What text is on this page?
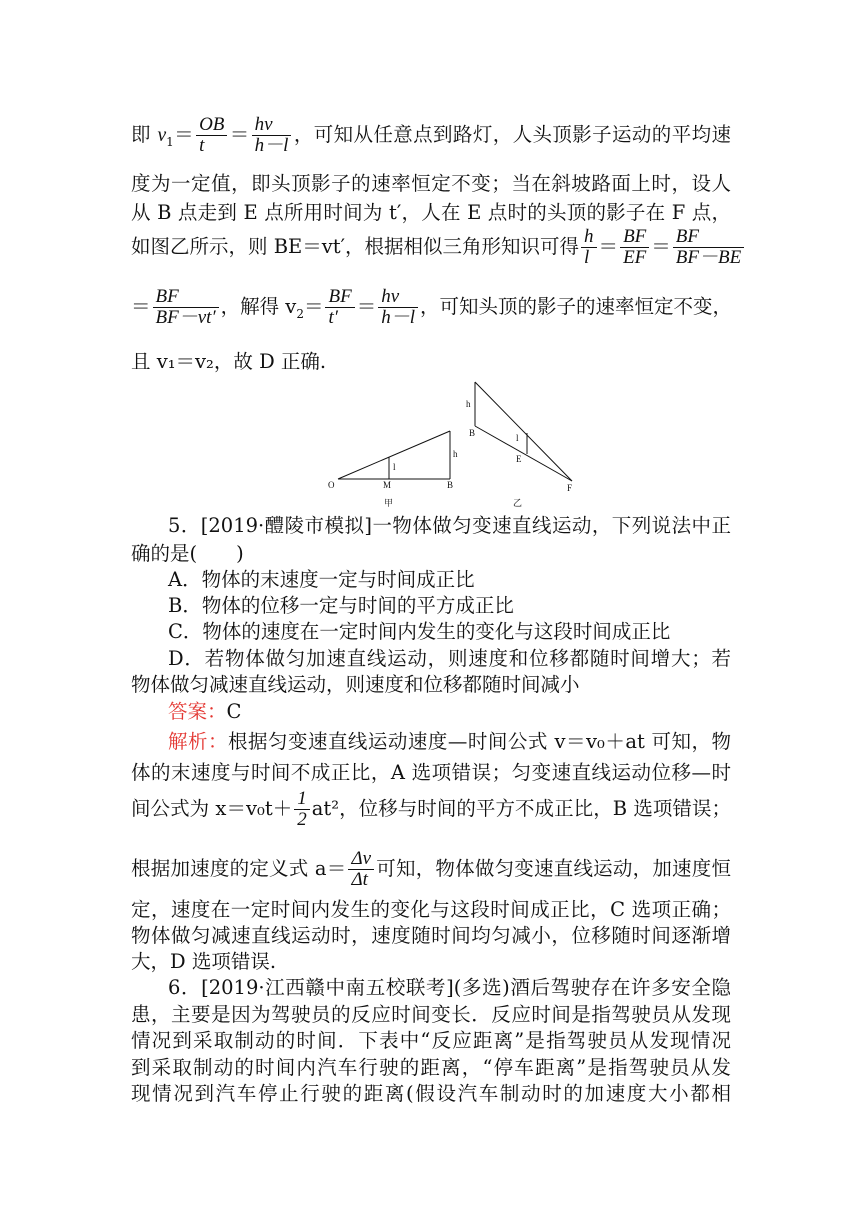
即 $v_1= \frac{OB}{t} = \frac{hv}{h-l}$ ，可知从任意点到路灯，人头顶影子运动的平均速
度为一定值，即头顶影子的速率恒定不变；当在斜坡路面上时，设人
从 B 点走到 E 点所用时间为 t′，人在 E 点时的头顶的影子在 F 点，
如图乙所示，则 BE＝vt′，根据相似三角形知识可得 $\frac{h}{l} = \frac{BF}{EF} = \frac{BF}{BF-BE}$
＝ $\frac{BF}{BF-vt'}$ ，解得 $v_2= \frac{BF}{t'} = \frac{hv}{h-l}$ ，可知头顶的影子的速率恒定不变，
且 v₁＝v₂，故 D 正确.
O	M	B
h
l
甲
h
B	l
E
F
乙
5．[2019·醴陵市模拟]一物体做匀变速直线运动，下列说法中正
确的是(　　)
A．物体的末速度一定与时间成正比
B．物体的位移一定与时间的平方成正比
C．物体的速度在一定时间内发生的变化与这段时间成正比
D．若物体做匀加速直线运动，则速度和位移都随时间增大；若
物体做匀减速直线运动，则速度和位移都随时间减小
答案：C
解析：根据匀变速直线运动速度—时间公式 v＝v₀＋at 可知，物
体的末速度与时间不成正比，A 选项错误；匀变速直线运动位移—时
间公式为 $x=v_0t+ \frac{1}{2} at^2$，位移与时间的平方不成正比，B 选项错误；
根据加速度的定义式 $a= \frac{\Delta v}{\Delta t}$ 可知，物体做匀变速直线运动，加速度恒
定，速度在一定时间内发生的变化与这段时间成正比，C 选项正确；
物体做匀减速直线运动时，速度随时间均匀减小，位移随时间逐渐增
大，D 选项错误.
6．[2019·江西赣中南五校联考](多选)酒后驾驶存在许多安全隐
患，主要是因为驾驶员的反应时间变长．反应时间是指驾驶员从发现
情况到采取制动的时间．下表中“反应距离”是指驾驶员从发现情况
到采取制动的时间内汽车行驶的距离，“停车距离”是指驾驶员从发
现情况到汽车停止行驶的距离(假设汽车制动时的加速度大小都相
